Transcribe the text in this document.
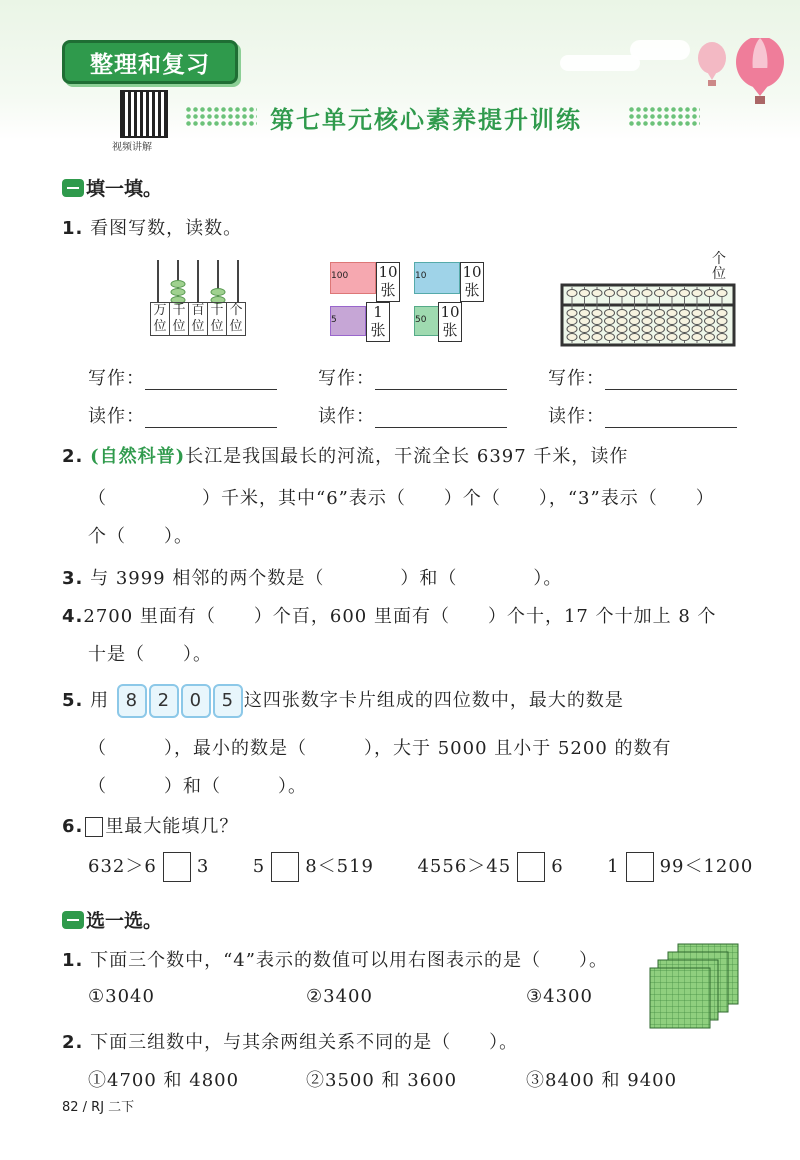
整理和复习
视频讲解
第七单元核心素养提升训练
填一填。
1. 看图写数，读数。
万位
千位
百位
十位
个位
100	10张
10	10张
5	1张
50 10张
个位
写作：	写作：	写作：
读作：	读作：	读作：
2. (自然科普)长江是我国最长的河流，干流全长 6397 千米，读作
（　　　　　）千米，其中“6”表示（　　）个（　　），“3”表示（　　）
个（　　）。
3. 与 3999 相邻的两个数是（　　　　）和（　　　　）。
4.2700 里面有（　　）个百，600 里面有（　　）个十，17 个十加上 8 个
十是（　　）。
5. 用 8 2 0 5 这四张数字卡片组成的四位数中，最大的数是
（　　　），最小的数是（　　　），大于 5000 且小于 5200 的数有
（　　　）和（　　　）。
6. 里最大能填几？
632＞6 3 5 8＜519 4556＞45 6 1 99＜1200
选一选。
1. 下面三个数中，“4”表示的数值可以用右图表示的是（　　）。
①3040	②3400	③4300
2. 下面三组数中，与其余两组关系不同的是（　　）。
①4700 和 4800	②3500 和 3600	③8400 和 9400
82 / RJ 二下
